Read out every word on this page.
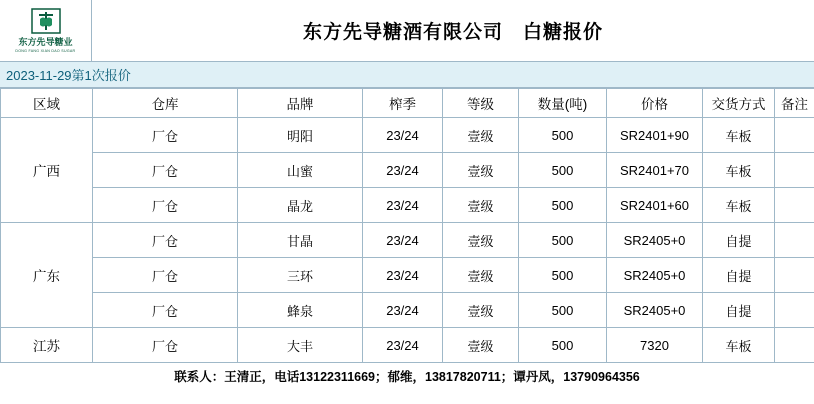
东方先导糖业
DONG FANG XIAN DAO SUGAR
东方先导糖酒有限公司　白糖报价
2023-11-29第1次报价
区域	仓库	品牌	榨季	等级	数量(吨)	价格	交货方式	备注
广西	厂仓	明阳	23/24	壹级	500	SR2401+90	车板	
	厂仓	山蜜	23/24	壹级	500	SR2401+70	车板	
	厂仓	晶龙	23/24	壹级	500	SR2401+60	车板	
广东	厂仓	甘晶	23/24	壹级	500	SR2405+0	自提	
	厂仓	三环	23/24	壹级	500	SR2405+0	自提	
	厂仓	蜂泉	23/24	壹级	500	SR2405+0	自提	
江苏	厂仓	大丰	23/24	壹级	500	7320	车板	
联系人：王清正，电话13122311669；郁维，13817820711；谭丹凤，13790964356
